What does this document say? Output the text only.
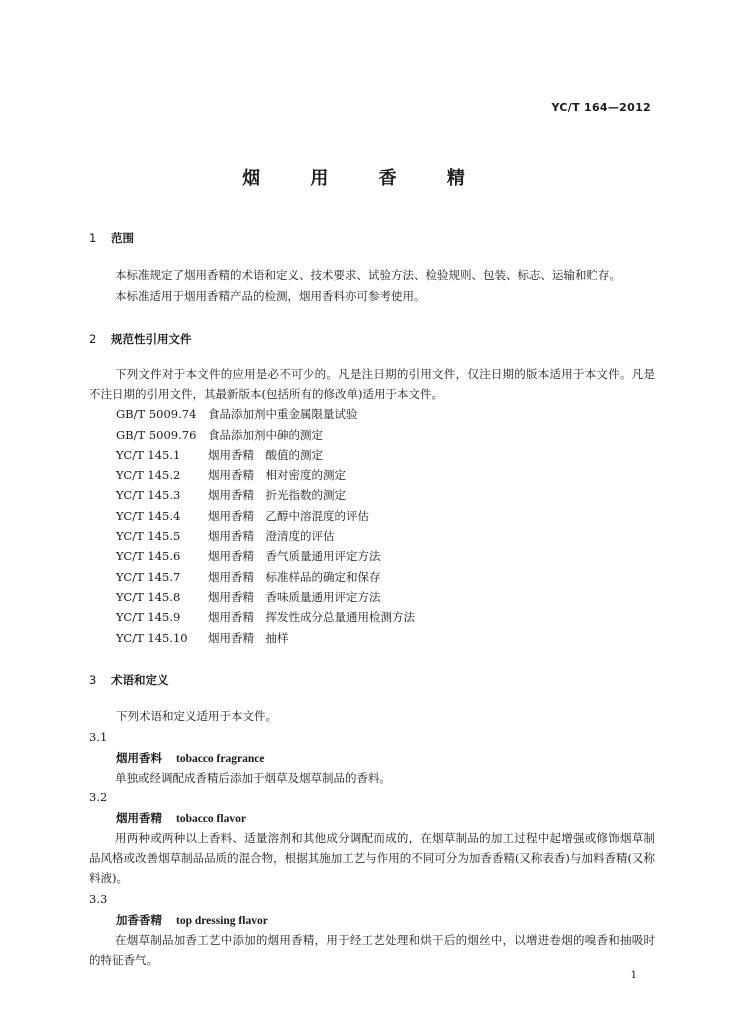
YC/T 164—2012
烟 用 香 精
1 范围
本标准规定了烟用香精的术语和定义、技术要求、试验方法、检验规则、包装、标志、运输和贮存。
本标准适用于烟用香精产品的检测，烟用香料亦可参考使用。
2 规范性引用文件
下列文件对于本文件的应用是必不可少的。凡是注日期的引用文件，仅注日期的版本适用于本文件。凡是不注日期的引用文件，其最新版本(包括所有的修改单)适用于本文件。
GB/T 5009.74 食品添加剂中重金属限量试验
GB/T 5009.76 食品添加剂中砷的测定
YC/T 145.1 烟用香精　酸值的测定
YC/T 145.2 烟用香精　相对密度的测定
YC/T 145.3 烟用香精　折光指数的测定
YC/T 145.4 烟用香精　乙醇中溶混度的评估
YC/T 145.5 烟用香精　澄清度的评估
YC/T 145.6 烟用香精　香气质量通用评定方法
YC/T 145.7 烟用香精　标准样品的确定和保存
YC/T 145.8 烟用香精　香味质量通用评定方法
YC/T 145.9 烟用香精　挥发性成分总量通用检测方法
YC/T 145.10 烟用香精　抽样
3 术语和定义
下列术语和定义适用于本文件。
3.1
烟用香料 tobacco fragrance
单独或经调配成香精后添加于烟草及烟草制品的香料。
3.2
烟用香精 tobacco flavor
用两种或两种以上香料、适量溶剂和其他成分调配而成的，在烟草制品的加工过程中起增强或修饰烟草制品风格或改善烟草制品品质的混合物，根据其施加工艺与作用的不同可分为加香香精(又称表香)与加料香精(又称料液)。
3.3
加香香精 top dressing flavor
在烟草制品加香工艺中添加的烟用香精，用于经工艺处理和烘干后的烟丝中，以增进卷烟的嗅香和抽吸时的特征香气。
1
